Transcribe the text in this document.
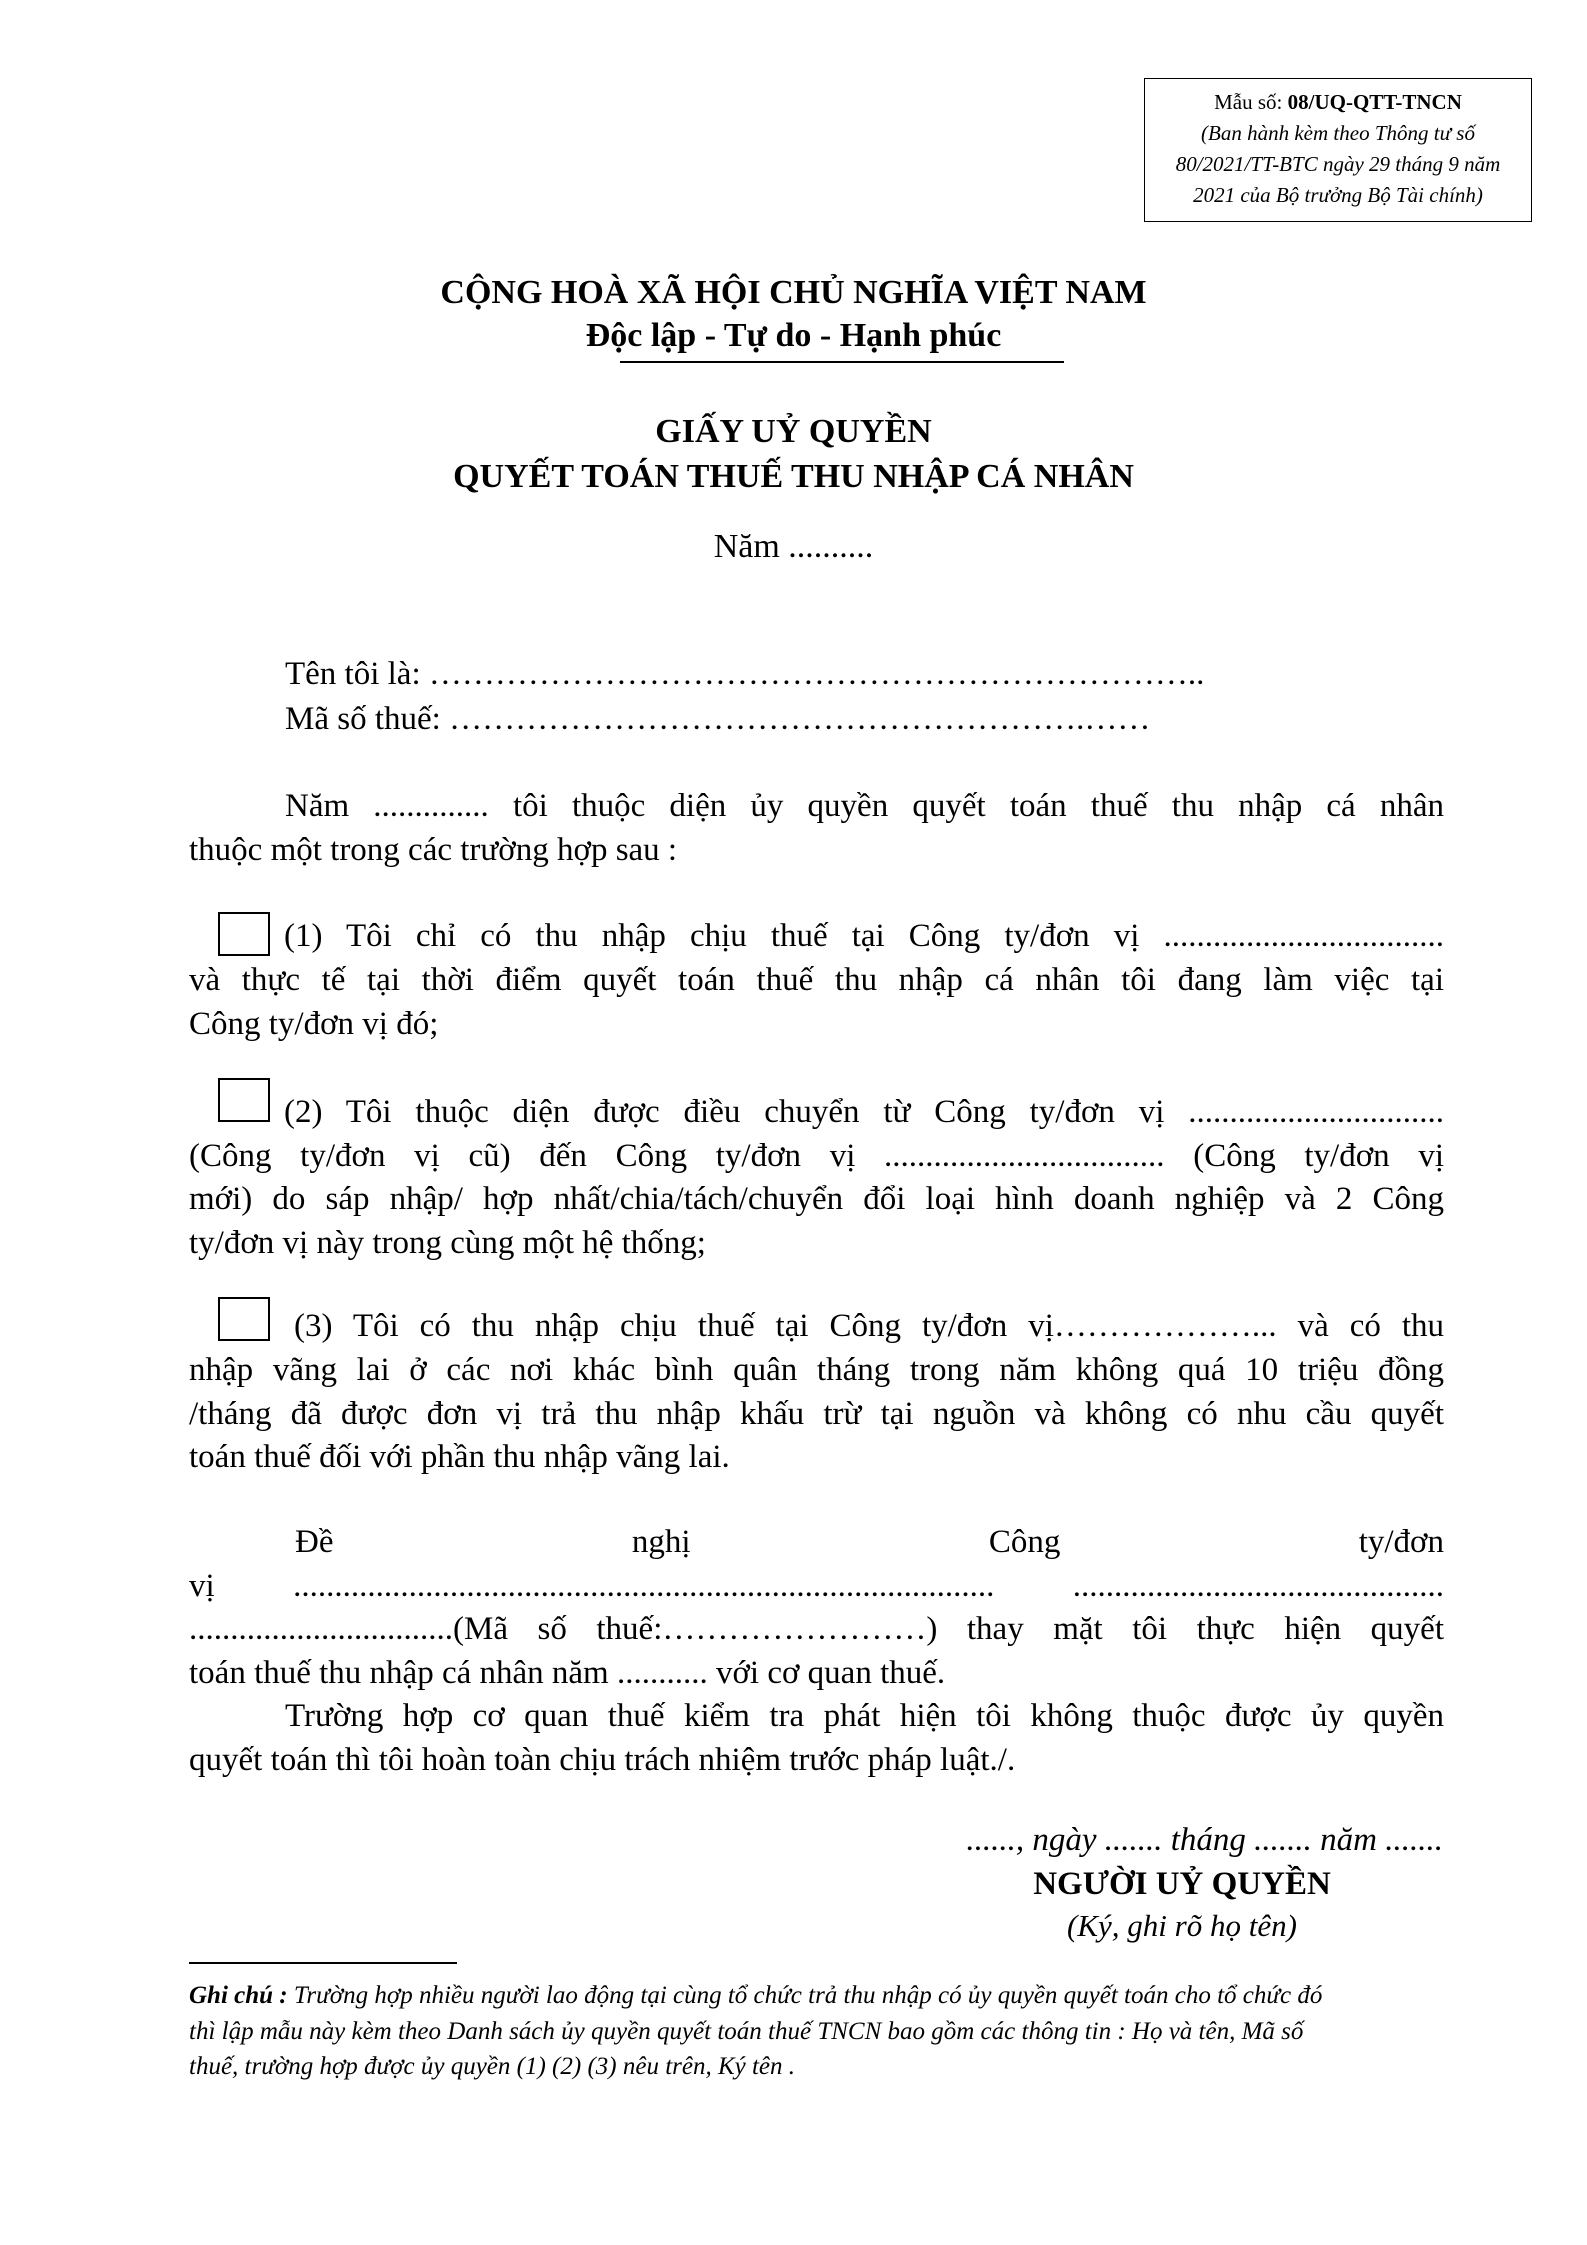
Mẫu số: 08/UQ-QTT-TNCN
(Ban hành kèm theo Thông tư số
80/2021/TT-BTC ngày 29 tháng 9 năm
2021 của Bộ trưởng Bộ Tài chính)
CỘNG HOÀ XÃ HỘI CHỦ NGHĨA VIỆT NAM
Độc lập - Tự do - Hạnh phúc
GIẤY UỶ QUYỀN
QUYẾT TOÁN THUẾ THU NHẬP CÁ NHÂN
Năm ..........
Tên tôi là: ……………………………………………………………..
Mã số thuế: ………………………………………………….……
Năm .............. tôi thuộc diện ủy quyền quyết toán thuế thu nhập cá nhân
thuộc một trong các trường hợp sau :
(1) Tôi chỉ có thu nhập chịu thuế tại Công ty/đơn vị ..................................
và thực tế tại thời điểm quyết toán thuế thu nhập cá nhân tôi đang làm việc tại
Công ty/đơn vị đó;
(2) Tôi thuộc diện được điều chuyển từ Công ty/đơn vị ...............................
(Công ty/đơn vị cũ) đến Công ty/đơn vị .................................. (Công ty/đơn vị
mới) do sáp nhập/ hợp nhất/chia/tách/chuyển đổi loại hình doanh nghiệp và 2 Công
ty/đơn vị này trong cùng một hệ thống;
(3) Tôi có thu nhập chịu thuế tại Công ty/đơn vị………………... và có thu
nhập vãng lai ở các nơi khác bình quân tháng trong năm không quá 10 triệu đồng
/tháng đã được đơn vị trả thu nhập khấu trừ tại nguồn và không có nhu cầu quyết
toán thuế đối với phần thu nhập vãng lai.
Đề nghị Công ty/đơn
vị ..................................................................................... .............................................
................................(Mã số thuế:……………………) thay mặt tôi thực hiện quyết
toán thuế thu nhập cá nhân năm ........... với cơ quan thuế.
Trường hợp cơ quan thuế kiểm tra phát hiện tôi không thuộc được ủy quyền
quyết toán thì tôi hoàn toàn chịu trách nhiệm trước pháp luật./.
......, ngày ....... tháng ....... năm .......
NGƯỜI UỶ QUYỀN
(Ký, ghi rõ họ tên)
Ghi chú : Trường hợp nhiều người lao động tại cùng tổ chức trả thu nhập có ủy quyền quyết toán cho tổ chức đó
thì lập mẫu này kèm theo Danh sách ủy quyền quyết toán thuế TNCN bao gồm các thông tin : Họ và tên, Mã số
thuế, trường hợp được ủy quyền (1) (2) (3) nêu trên, Ký tên .
